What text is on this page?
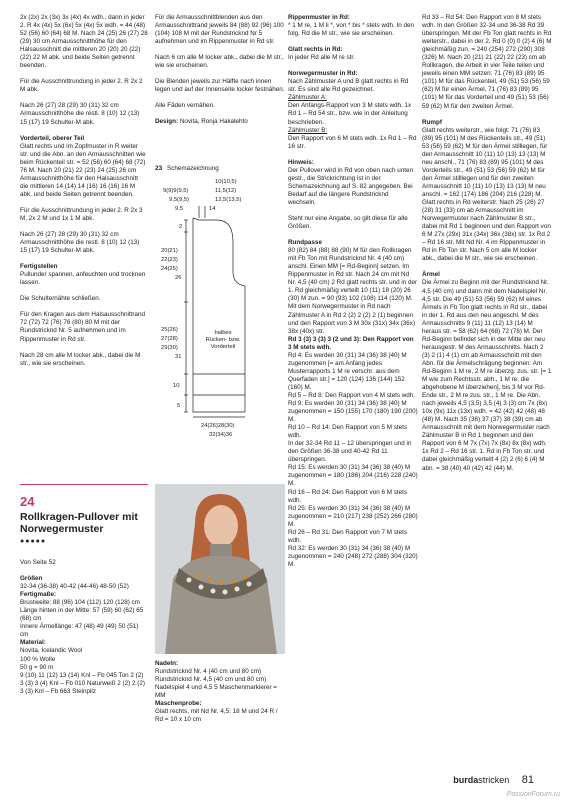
2x (2x) 2x (3x) 3x (4x) 4x wdh., dann in jeder 2. R 4x (4x) 5x (6x) 5x (4x) 5x wdh. = 44 (48) 52 (56) 60 (64) 68 M. Nach 24 (25) 26 (27) 28 (29) 30 cm Armausschnitthöhe für den Halsausschnitt die mittleren 20 (20) 20 (22) (22) 22 M abk. und beide Seiten getrennt beenden.

Für die Ausschnittrundung in jeder 2. R 2x 2 M abk.

Nach 26 (27) 28 (29) 30 (31) 32 cm Armausschnitthöhe die restl. 8 (10) 12 (13) 15 (17) 19 Schulter-M abk.

Vorderteil, oberer Teil

Glatt rechts und im Zopfmuster in R weiter str. und die Abn. an den Armausschnitten wie beim Rückenteil str. = 52 (56) 60 (64) 68 (72) 76 M. Nach 20 (21) 22 (23) 24 (25) 26 cm Armausschnitthöhe für den Halsausschnitt die mittleren 14 (14) 14 (16) 16 (16) 16 M abk. und beide Seiten getrennt beenden.

Für die Ausschnittrundung in jeder 2. R 2x 3 M, 2x 2 M und 1x 1 M abk.

Nach 26 (27) 28 (29) 30 (31) 32 cm Armausschnitthöhe die restl. 8 (10) 12 (13) 15 (17) 19 Schulter-M abk.

Fertigstellen

Pullunder spannen, anfeuchten und trocknen lassen.

Die Schulternähte schließen.

Für den Kragen aus dem Halsausschnittrand 72 (72) 72 (76) 76 (80) 80 M mit der Rundstricknd Nr. 5 aufnehmen und im Rippenmuster in Rd str.

Nach 28 cm alle M locker abk., dabei die M str., wie sie erscheinen.

Für die Armausschnittblenden aus den Armausschnittrand jeweils 84 (88) 92 (96) 100 (104) 108 M mit der Rundstricknd Nr 5 aufnehmen und im Rippenmuster in Rd str.

Nach 6 cm alle M locker abk., dabei die M str., wie sie erscheinen.

Die Blenden jeweils zur Hälfte nach innen legen und auf der Innenseite locker festnähen.

Alle Fäden vernähen.

Design: Novita, Ronja Hakalehto

23 Schemazeichnung
10(10,5)
9(9)9(9,5)	11,5(12)
9,5(9,5)	12,5(13,5)
9,5	14
2
20(21)
22(23)
24(25)
26
25(26)
27(28)
29(30)
31
10
5
halbes Rücken- bzw. Vorderteil
24(26)28(30)
32(34)36
24
Rollkragen-Pullover mit Norwegermuster
●●●●●
Von Seite 52
Größen
32-34 (36-38) 40-42 (44-46) 48-50 (52)
Fertigmaße:
Brustweite: 88 (96) 104 (112) 120 (128) cm
Länge hinten in der Mitte: 57 (59) 60 (62) 65 (68) cm
Innere Ärmellänge: 47 (48) 49 (49) 50 (51) cm
Material:
Novita, Icelandic Wool
100 % Wolle
50 g = 90 m
9 (10) 11 (12) 13 (14) Knl – Fb 045 Ton 2 (2) 3 (3) 3 (4) Knl – Fb 010 Naturweiß 2 (2) 2 (2) 3 (3) Knl – Fb 663 Steinpilz

Nadeln:

Rundstricknd Nr. 4 (40 cm und 80 cm) Rundstricknd Nr. 4,5 (40 cm und 80 cm) Nadelspiel 4 und 4,5 5 Maschenmarkierer = MM

Maschenprobe:

Glatt rechts, mit Nd Nr. 4,5: 18 M und 24 R / Rd = 10 x 10 cm

Rippenmuster in Rd:

* 1 M re, 1 M li *, von * bis * stets wdh. In den folg. Rd die M str., wie sie erscheinen.

Glatt rechts in Rd:

In jeder Rd alle M re str.

Norwegermuster in Rd:

Nach Zählmuster A und B glatt rechts in Rd str. Es sind alle Rd gezeichnet.

Zählmuster A:

Den Anfangs-Rapport von 3 M stets wdh. 1x Rd 1 – Rd 54 str., bzw. wie in der Anleitung beschrieben.

Zählmuster B:

Den Rapport von 6 M stets wdh. 1x Rd 1 – Rd 16 str.

Hinweis:

Der Pullover wird in Rd von oben nach unten gestr., die Strickrichtung ist in der Schemazeichnung auf S. 82 angegeben. Bei Bedarf auf die längere Rundstricknd wechseln.

Steht nur eine Angabe, so gilt diese für alle Größen.

Rundpasse

80 (82) 84 (88) 88 (90) M für den Rollkragen mit Fb Ton mit Rundstricknd Nr. 4 (40 cm) anschl. Einen MM [= Rd-Beginn] setzen. Im Rippenmuster in Rd str. Nach 24 cm mit Nd Nr. 4,5 (40 cm) 2 Rd glatt rechts str. und in der 1. Rd gleichmäßig verteilt 10 (11) 18 (20) 26 (30) M zun. = 90 (93) 102 (108) 114 (120) M. Mit dem Norwegermuster in Rd nach Zählmuster A in Rd 2 (2) 2 (2) 2 (1) beginnen und den Rapport von 3 M 30x (31x) 34x (36x) 38x (40x) str.

Rd 3 (3) 3 (3) 3 (2 und 3): Den Rapport von 3 M stets wdh.

Rd 4: Es werden 30 (31) 34 (36) 38 (40) M zugenommen [= am Anfang jedes Musterrapports 1 M re verschr. aus dem Querfaden str.] = 120 (124) 136 (144) 152 (160) M.

Rd 5 – Rd 8: Den Rapport von 4 M stets wdh.

Rd 9: Es werden 30 (31) 34 (36) 38 (40) M zugenommen = 150 (155) 170 (180) 190 (200) M.

Rd 10 – Rd 14: Den Rapport von 5 M stets wdh.

In der 32-34 Rd 11 – 12 überspringen und in den Größen 36-38 und 40-42 Rd 11 überspringen.

Rd 15: Es werden 30 (31) 34 (36) 38 (40) M zugenommen = 180 (186) 204 (216) 228 (240) M.

Rd 16 – Rd 24: Den Rapport von 6 M stets wdh.

Rd 25: Es werden 30 (31) 34 (36) 38 (40) M zugenommen = 210 (217) 238 (252) 266 (280) M.

Rd 26 – Rd 31: Den Rapport von 7 M stets wdh.

Rd 32: Es werden 30 (31) 34 (36) 38 (40) M zugenommen = 240 (248) 272 (288) 304 (320) M.

Rd 33 – Rd 54: Den Rapport von 8 M stets wdh. In den Größen 32-34 und 36-38 Rd 39 überspringen. Mit der Fb Ton glatt rechts in Rd weiterstr., dabei in der 2. Rd 0 (0) 0 (2) 4 (6) M gleichmäßig zun. = 240 (254) 272 (290) 308 (326) M. Nach 20 (21) 21 (22) 22 (23) cm ab Rollkragen, die Arbeit in vier Teile teilen und jeweils einen MM setzen: 71 (76) 83 (89) 95 (101) M für das Rückenteil, 49 (51) 53 (56) 59 (62) M für einen Ärmel, 71 (76) 83 (89) 95 (101) M für das Vorderteil und 49 (51) 53 (56) 59 (62) M für den zweiten Ärmel.

Rumpf

Glatt rechts weiterstr., wie folgt: 71 (76) 83 (89) 95 (101) M des Rückenteils str., 49 (51) 53 (56) 59 (62) M für den Ärmel stilllegen, für den Armausschnitt 10 (11) 10 (13) 13 (13) M neu anschl., 71 (76) 83 (89) 95 (101) M des Vorderteils str., 49 (51) 53 (56) 59 (62) M für den Ärmel stilllegen und für den zweiten Armausschnitt 10 (11) 10 (13) 13 (13) M neu anschl. = 162 (174) 186 (204) 216 (228) M. Glatt rechts in Rd weiterstr. Nach 25 (26) 27 (28) 31 (33) cm ab Armausschnitt im Norwegermuster nach Zählmuster B str., dabei mit Rd 1 beginnen und den Rapport von 6 M 27x (29x) 31x (34x) 36x (38x) str. 1x Rd 2 – Rd 16 str. Mit Nd Nr. 4 im Rippenmuster in Rd in Fb Ton str. Nach 5 cm alle M locker abk., dabei die M str., wie sie erscheinen.

Ärmel

Die Ärmel zu Beginn mit der Rundstricknd Nr. 4,5 (40 cm) und dann mit dem Nadelspiel Nr. 4,5 str. Die 49 (51) 53 (56) 59 (62) M eines Ärmels in Fb Ton glatt rechts in Rd str., dabei in der 1. Rd aus den neu angeschl. M des Armausschnitts 9 (11) 11 (12) 13 (14) M heraus str. = 58 (62) 64 (68) 72 (76) M. Der Rd-Beginn befindet sich in der Mitte der neu herausgestr. M des Armausschnitts. Nach 2 (3) 2 (1) 4 (1) cm ab Armausschnitt mit den Abn. für die Ärmelschrägung beginnen: Am Rd-Beginn 1 M re, 2 M re überzg. zus. str. [= 1 M wie zum Rechtsstr. abh., 1 M re, die abgehobene M überziehen], bis 3 M vor Rd-Ende str., 2 M re zus. str., 1 M re. Die Abn. nach jeweils 4,5 (3,5) 3,5 (4) 3 (3) cm 7x (8x) 10x (9x) 11x (13x) wdh. = 42 (42) 42 (48) 48 (48) M. Nach 35 (36) 37 (37) 38 (39) cm ab Armausschnitt mit dem Norwegermuster nach Zählmuster B in Rd 1 beginnen und den Rapport von 6 M 7x (7x) 7x (8x) 8x (8x) wdh. 1x Rd 2 – Rd 16 str. 1. Rd in Fb Ton str. und dabei gleichmäßig verteilt 4 (2) 2 (6) 6 (4) M abn. = 38 (40) 40 (42) 42 (44) M.

burdastricken 81
PassionForum.ru
